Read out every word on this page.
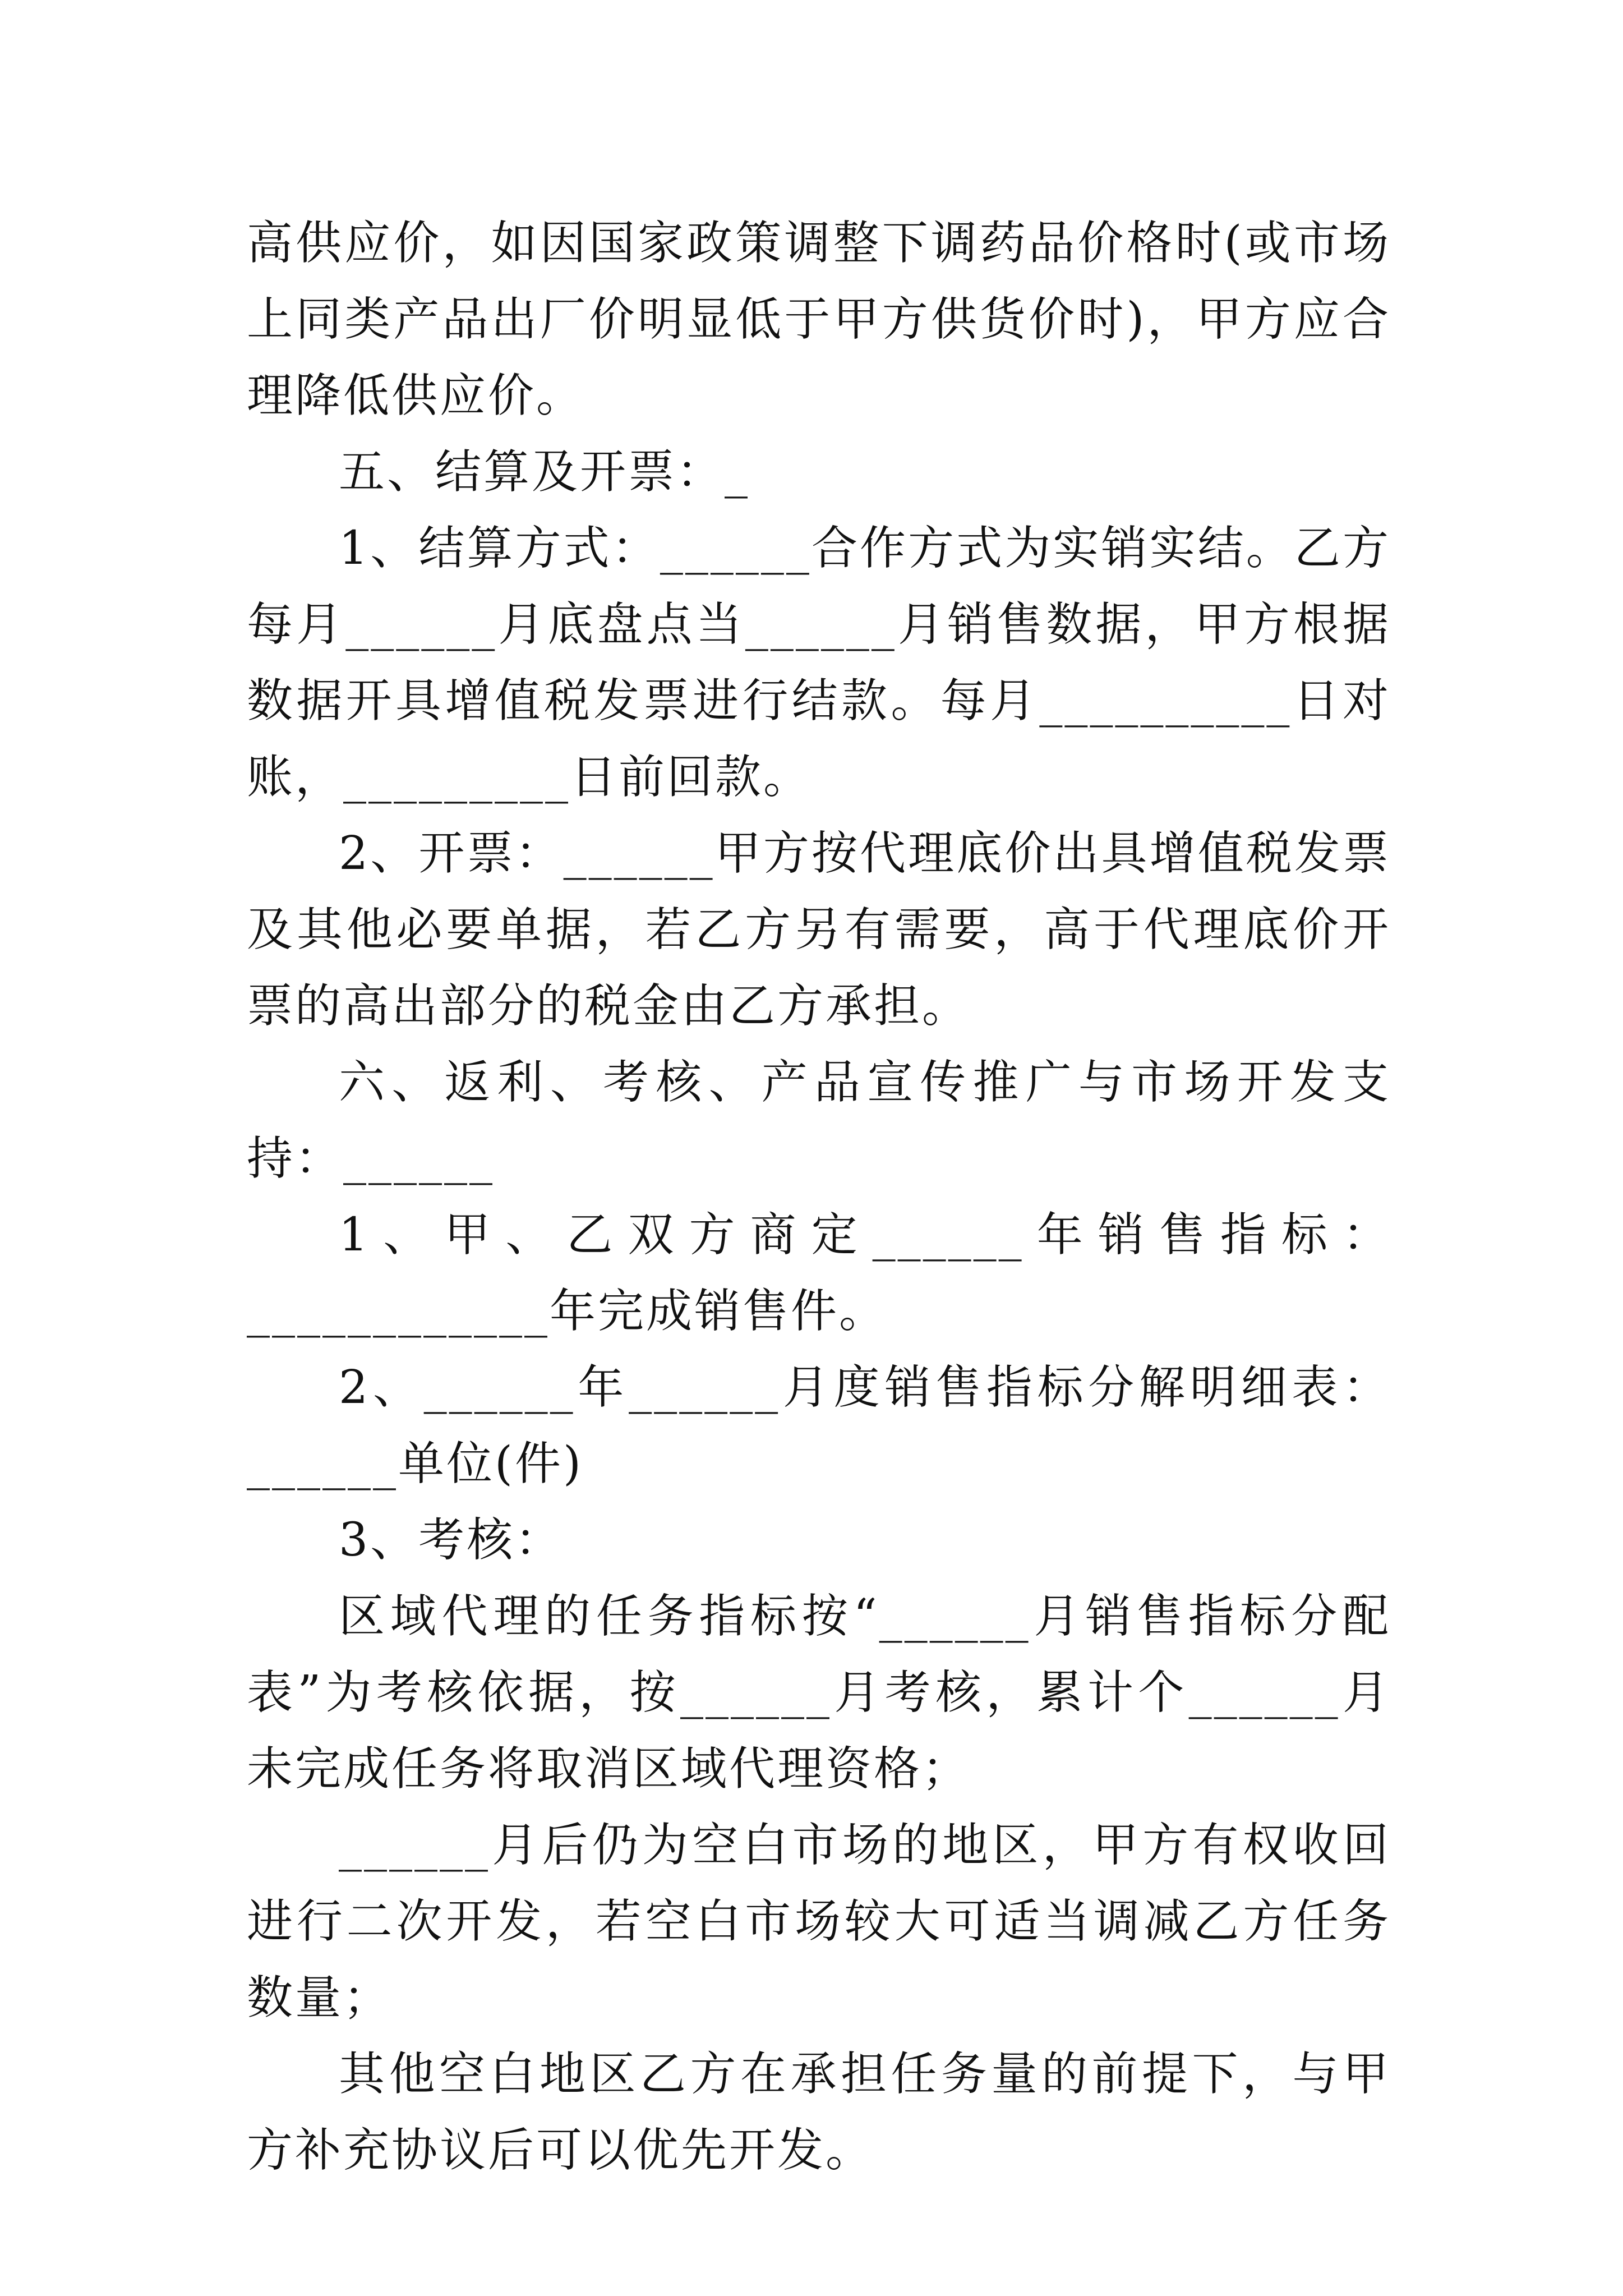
高供应价，如因国家政策调整下调药品价格时(或市场上同类产品出厂价明显低于甲方供货价时)，甲方应合理降低供应价。

五、结算及开票：_

1、结算方式：______合作方式为实销实结。乙方每月______月底盘点当______月销售数据，甲方根据数据开具增值税发票进行结款。每月__________日对账，_________日前回款。

2、开票：______甲方按代理底价出具增值税发票及其他必要单据，若乙方另有需要，高于代理底价开票的高出部分的税金由乙方承担。

六、返利、考核、产品宣传推广与市场开发支持：______

1、甲、乙双方商定______年销售指标：____________年完成销售件。

2、______年______月度销售指标分解明细表：______单位(件)

3、考核：

区域代理的任务指标按“______月销售指标分配表”为考核依据，按______月考核，累计个______月未完成任务将取消区域代理资格；

______月后仍为空白市场的地区，甲方有权收回进行二次开发，若空白市场较大可适当调减乙方任务数量；

其他空白地区乙方在承担任务量的前提下，与甲方补充协议后可以优先开发。
